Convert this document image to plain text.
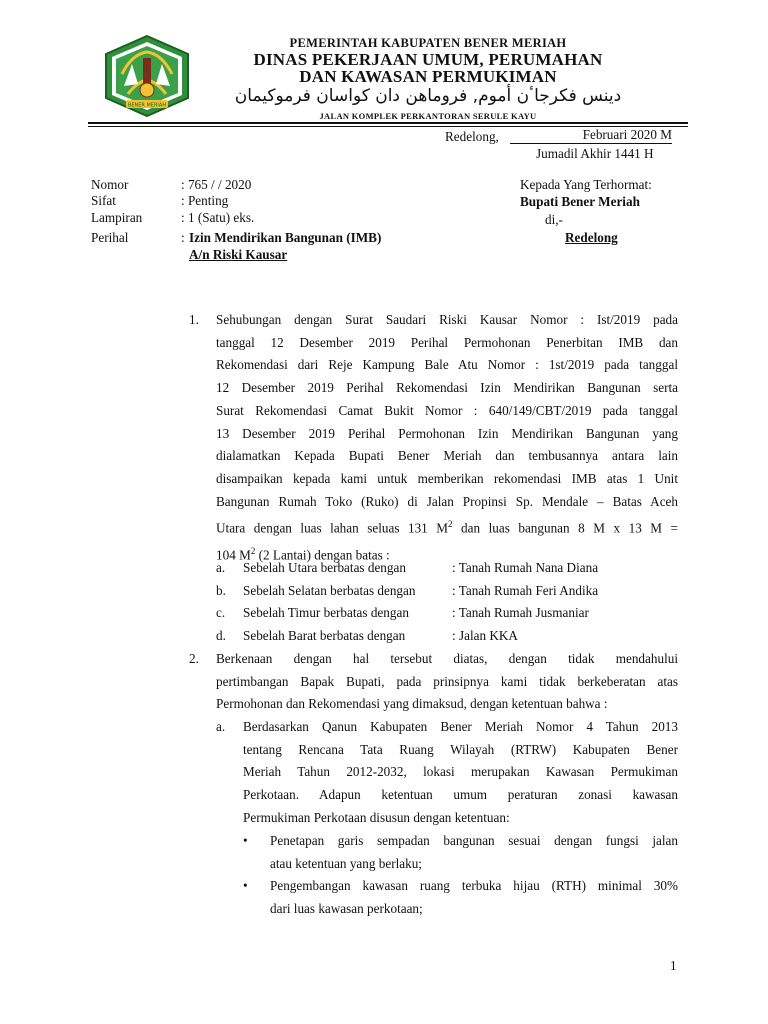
BENER MERIAH
PEMERINTAH KABUPATEN BENER MERIAH
DINAS PEKERJAAN UMUM, PERUMAHAN
DAN KAWASAN PERMUKIMAN
دينس فكرجاٴن أموم, فروماهن دان كواسان فرموكيمان
JALAN KOMPLEK PERKANTORAN SERULE KAYU
Redelong,	Februari 2020 M
Jumadil Akhir 1441 H
Nomor	: 765 / / 2020
Sifat	: Penting
Lampiran	: 1 (Satu) eks.
Perihal	: Izin Mendirikan Bangunan (IMB)
A/n Riski Kausar
Kepada Yang Terhormat:
Bupati Bener Meriah
di,-
Redelong
1. Sehubungan dengan Surat Saudari Riski Kausar Nomor : Ist/2019 pada
tanggal 12 Desember 2019 Perihal Permohonan Penerbitan IMB dan
Rekomendasi dari Reje Kampung Bale Atu Nomor : 1st/2019 pada tanggal
12 Desember 2019 Perihal Rekomendasi Izin Mendirikan Bangunan serta
Surat Rekomendasi Camat Bukit Nomor : 640/149/CBT/2019 pada tanggal
13 Desember 2019 Perihal Permohonan Izin Mendirikan Bangunan yang
dialamatkan Kepada Bupati Bener Meriah dan tembusannya antara lain
disampaikan kepada kami untuk memberikan rekomendasi IMB atas 1 Unit
Bangunan Rumah Toko (Ruko) di Jalan Propinsi Sp. Mendale – Batas Aceh
Utara dengan luas lahan seluas 131 $M^2$ dan luas bangunan 8 M x 13 M =
104 $M^2$ (2 Lantai) dengan batas :
a. Sebelah Utara berbatas dengan	: Tanah Rumah Nana Diana
b. Sebelah Selatan berbatas dengan	: Tanah Rumah Feri Andika
c. Sebelah Timur berbatas dengan	: Tanah Rumah Jusmaniar
d. Sebelah Barat berbatas dengan	: Jalan KKA
2. Berkenaan dengan hal tersebut diatas, dengan tidak mendahului
pertimbangan Bapak Bupati, pada prinsipnya kami tidak berkeberatan atas
Permohonan dan Rekomendasi yang dimaksud, dengan ketentuan bahwa :
a. Berdasarkan Qanun Kabupaten Bener Meriah Nomor 4 Tahun 2013
tentang Rencana Tata Ruang Wilayah (RTRW) Kabupaten Bener
Meriah Tahun 2012-2032, lokasi merupakan Kawasan Permukiman
Perkotaan. Adapun ketentuan umum peraturan zonasi kawasan
Permukiman Perkotaan disusun dengan ketentuan:
• Penetapan garis sempadan bangunan sesuai dengan fungsi jalan
atau ketentuan yang berlaku;
• Pengembangan kawasan ruang terbuka hijau (RTH) minimal 30%
dari luas kawasan perkotaan;
1
